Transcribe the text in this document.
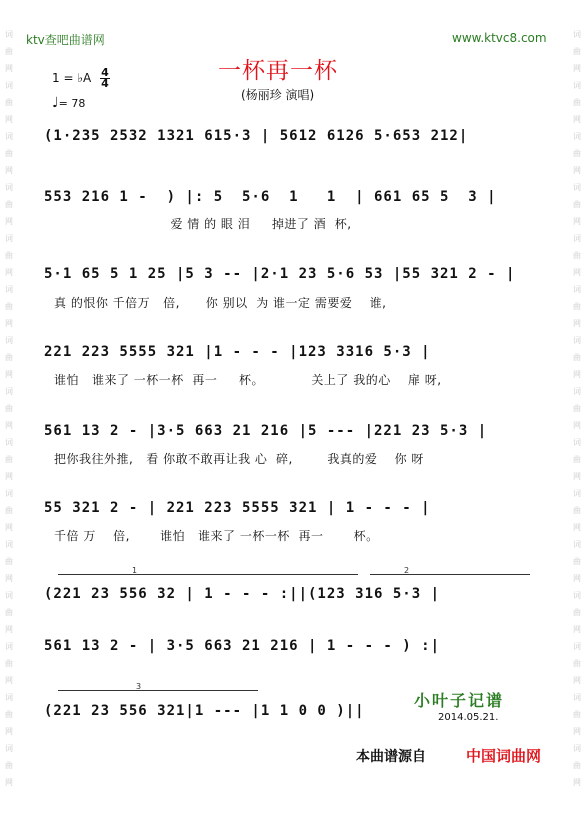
词
曲
网
词
曲
网
词
曲
网
词
曲
网
词
曲
网
词
曲
网
词
曲
网
词
曲
网
词
曲
网
词
曲
网
词
曲
网
词
曲
网
词
曲
网
词
曲
网
词
曲
网
词
曲
网
词
曲
网
词
曲
网
词
曲
网
词
曲
网
词
曲
网
词
曲
网
词
曲
网
词
曲
网
词
曲
网
词
曲
网
词
曲
网
词
曲
网
词
曲
网
词
曲
网
ktv查吧曲谱网	www.ktvc8.com
一杯再一杯
(杨丽珍 演唱)
1 = ♭A 4
4
♩= 78
(1·235 2532 1321 615·3 | 5612 6126 5·653 212|
553 216 1 -  ) |: 5  5·6  1   1  | 661 65 5  3 |
爱 情 的 眼 泪     掉进了 酒  杯,
5·1 65 5 1 25 |5 3 -- |2·1 23 5·6 53 |55 321 2 - |
真 的恨你 千倍万   倍,      你 别以  为 谁一定 需要爱    谁,
221 223 5555 321 |1 - - - |123 3316 5·3 |
谁怕   谁来了 一杯一杯  再一     杯。           关上了 我的心    扉 呀,
561 13 2 - |3·5 663 21 216 |5 --- |221 23 5·3 |
把你我往外推,   看 你敢不敢再让我 心  碎,        我真的爱    你 呀
55 321 2 - | 221 223 5555 321 | 1 - - - |
千倍 万    倍,       谁怕   谁来了 一杯一杯  再一       杯。
1	2
(221 23 556 32 | 1 - - - :||(123 316 5·3 |
561 13 2 - | 3·5 663 21 216 | 1 - - - ) :|
3
(221 23 556 321|1 --- |1 1 0 0 )||
小叶子记谱
2014.05.21.
本曲谱源自	中国词曲网
